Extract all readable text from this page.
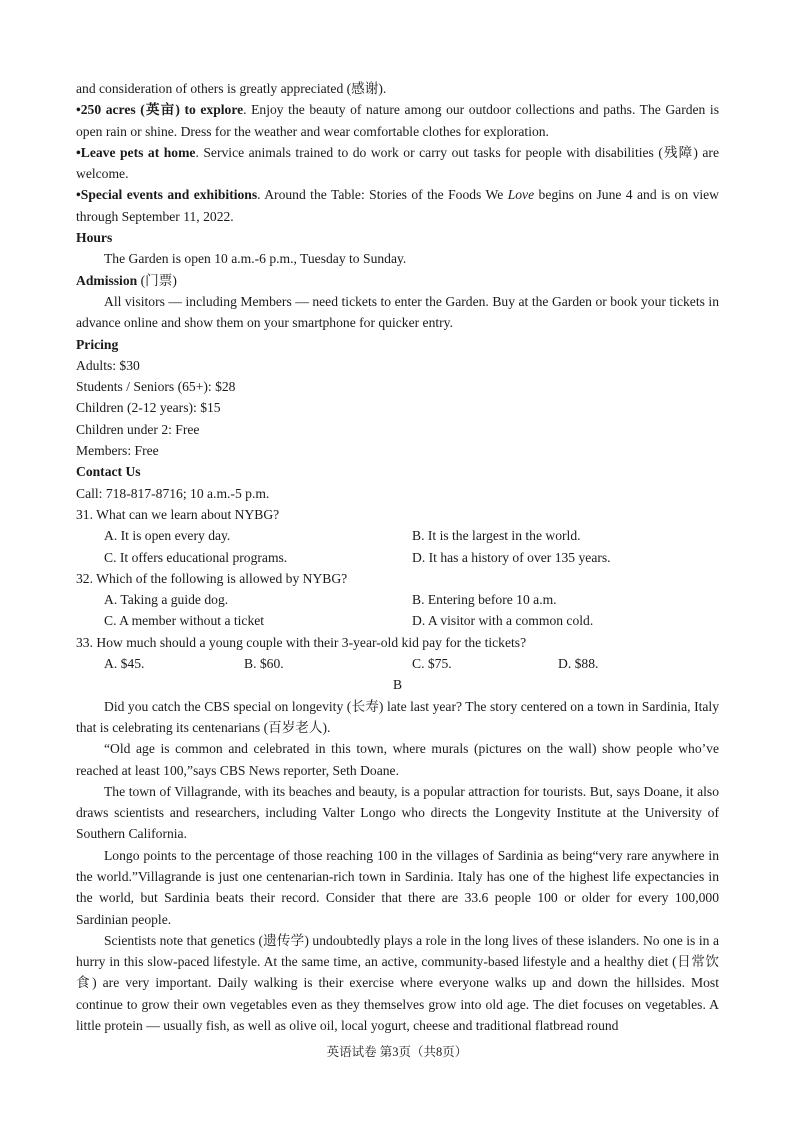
and consideration of others is greatly appreciated (感谢).
•250 acres (英亩) to explore. Enjoy the beauty of nature among our outdoor collections and paths. The Garden is open rain or shine. Dress for the weather and wear comfortable clothes for exploration.
•Leave pets at home. Service animals trained to do work or carry out tasks for people with disabilities (残障) are welcome.
•Special events and exhibitions. Around the Table: Stories of the Foods We Love begins on June 4 and is on view through September 11, 2022.
Hours
The Garden is open 10 a.m.-6 p.m., Tuesday to Sunday.
Admission (门票)
All visitors — including Members — need tickets to enter the Garden. Buy at the Garden or book your tickets in advance online and show them on your smartphone for quicker entry.
Pricing
Adults: $30
Students / Seniors (65+): $28
Children (2-12 years): $15
Children under 2: Free
Members: Free
Contact Us
Call: 718-817-8716; 10 a.m.-5 p.m.
31. What can we learn about NYBG?
A. It is open every day.	B. It is the largest in the world.
C. It offers educational programs.	D. It has a history of over 135 years.
32. Which of the following is allowed by NYBG?
A. Taking a guide dog.	B. Entering before 10 a.m.
C. A member without a ticket	D. A visitor with a common cold.
33. How much should a young couple with their 3-year-old kid pay for the tickets?
A. $45.	B. $60.	C. $75.	D. $88.
B
Did you catch the CBS special on longevity (长寿) late last year? The story centered on a town in Sardinia, Italy that is celebrating its centenarians (百岁老人).
“Old age is common and celebrated in this town, where murals (pictures on the wall) show people who’ve reached at least 100,”says CBS News reporter, Seth Doane.
The town of Villagrande, with its beaches and beauty, is a popular attraction for tourists. But, says Doane, it also draws scientists and researchers, including Valter Longo who directs the Longevity Institute at the University of Southern California.
Longo points to the percentage of those reaching 100 in the villages of Sardinia as being“very rare anywhere in the world.”Villagrande is just one centenarian-rich town in Sardinia. Italy has one of the highest life expectancies in the world, but Sardinia beats their record. Consider that there are 33.6 people 100 or older for every 100,000 Sardinian people.
Scientists note that genetics (遗传学) undoubtedly plays a role in the long lives of these islanders. No one is in a hurry in this slow-paced lifestyle. At the same time, an active, community-based lifestyle and a healthy diet (日常饮食) are very important. Daily walking is their exercise where everyone walks up and down the hillsides. Most continue to grow their own vegetables even as they themselves grow into old age. The diet focuses on vegetables. A little protein — usually fish, as well as olive oil, local yogurt, cheese and traditional flatbread round
英语试卷 第3页（共8页）
